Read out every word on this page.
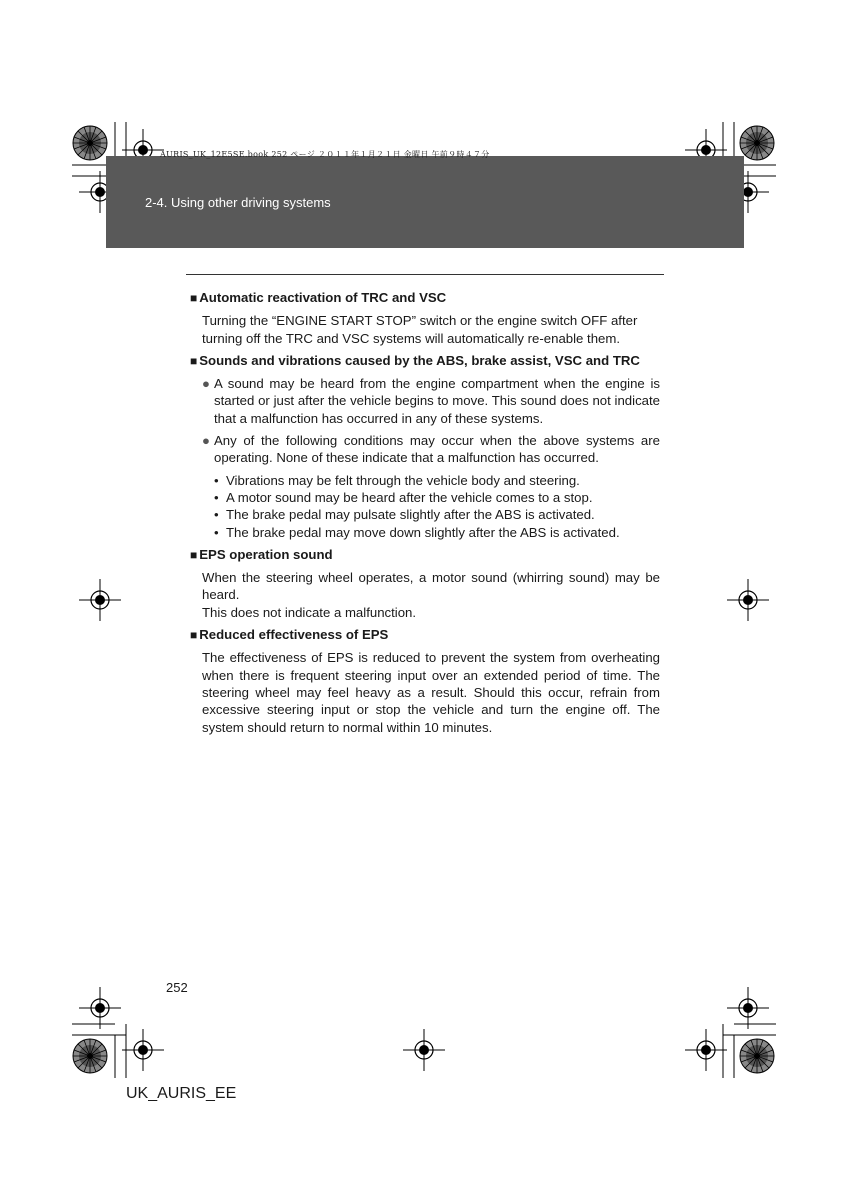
AURIS_UK_12E5SE.book 252 ページ ２０１１年１月２１日 金曜日 午前９時４７分
2-4. Using other driving systems
■ Automatic reactivation of TRC and VSC
Turning the “ENGINE START STOP” switch or the engine switch OFF after
turning off the TRC and VSC systems will automatically re-enable them.
■ Sounds and vibrations caused by the ABS, brake assist, VSC and TRC
● A sound may be heard from the engine compartment when the engine is started or just after the vehicle begins to move. This sound does not indicate that a malfunction has occurred in any of these systems.
● Any of the following conditions may occur when the above systems are operating. None of these indicate that a malfunction has occurred.
• Vibrations may be felt through the vehicle body and steering.
• A motor sound may be heard after the vehicle comes to a stop.
• The brake pedal may pulsate slightly after the ABS is activated.
• The brake pedal may move down slightly after the ABS is activated.
■ EPS operation sound
When the steering wheel operates, a motor sound (whirring sound) may be heard.
This does not indicate a malfunction.
■ Reduced effectiveness of EPS
The effectiveness of EPS is reduced to prevent the system from overheating when there is frequent steering input over an extended period of time. The steering wheel may feel heavy as a result. Should this occur, refrain from excessive steering input or stop the vehicle and turn the engine off. The system should return to normal within 10 minutes.
252
UK_AURIS_EE
